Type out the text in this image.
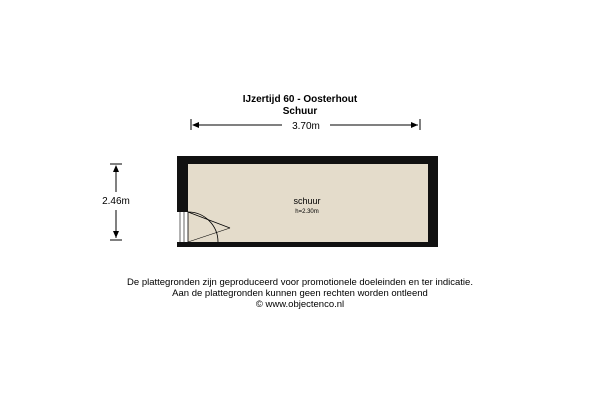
IJzertijd 60 - Oosterhout
Schuur
3.70m
2.46m	schuur
h=2.30m
De plattegronden zijn geproduceerd voor promotionele doeleinden en ter indicatie.
Aan de plattegronden kunnen geen rechten worden ontleend
© www.objectenco.nl
